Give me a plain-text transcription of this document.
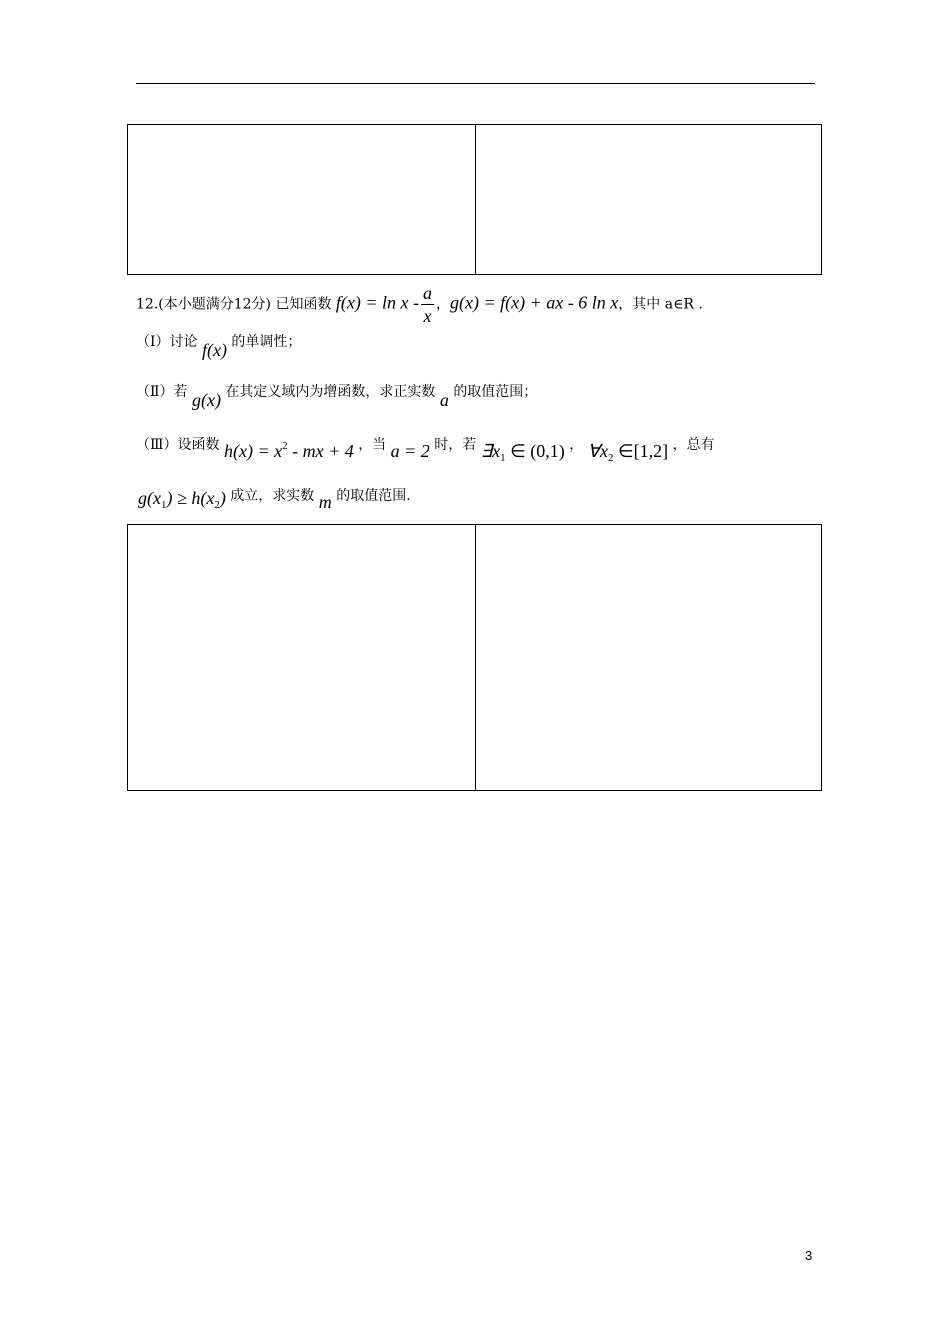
12.(本小题满分12分) 已知函数 $f(x) = \ln x - \frac{a}{x}$ ，g(x) = f(x) + ax - 6 ln x，其中 a∈R .
（Ⅰ）讨论 f(x) 的单调性；
（Ⅱ）若 g(x) 在其定义域内为增函数，求正实数 a 的取值范围；
（Ⅲ）设函数 $h(x) = x^2$ - mx + 4 ，当 a = 2 时，若 $\exists x_1$ ∈ (0,1) ， $\forall x_2$ ∈[1,2] ，总有
$g(x_1) \ge h(x_2)$ 成立，求实数 m 的取值范围.
3
